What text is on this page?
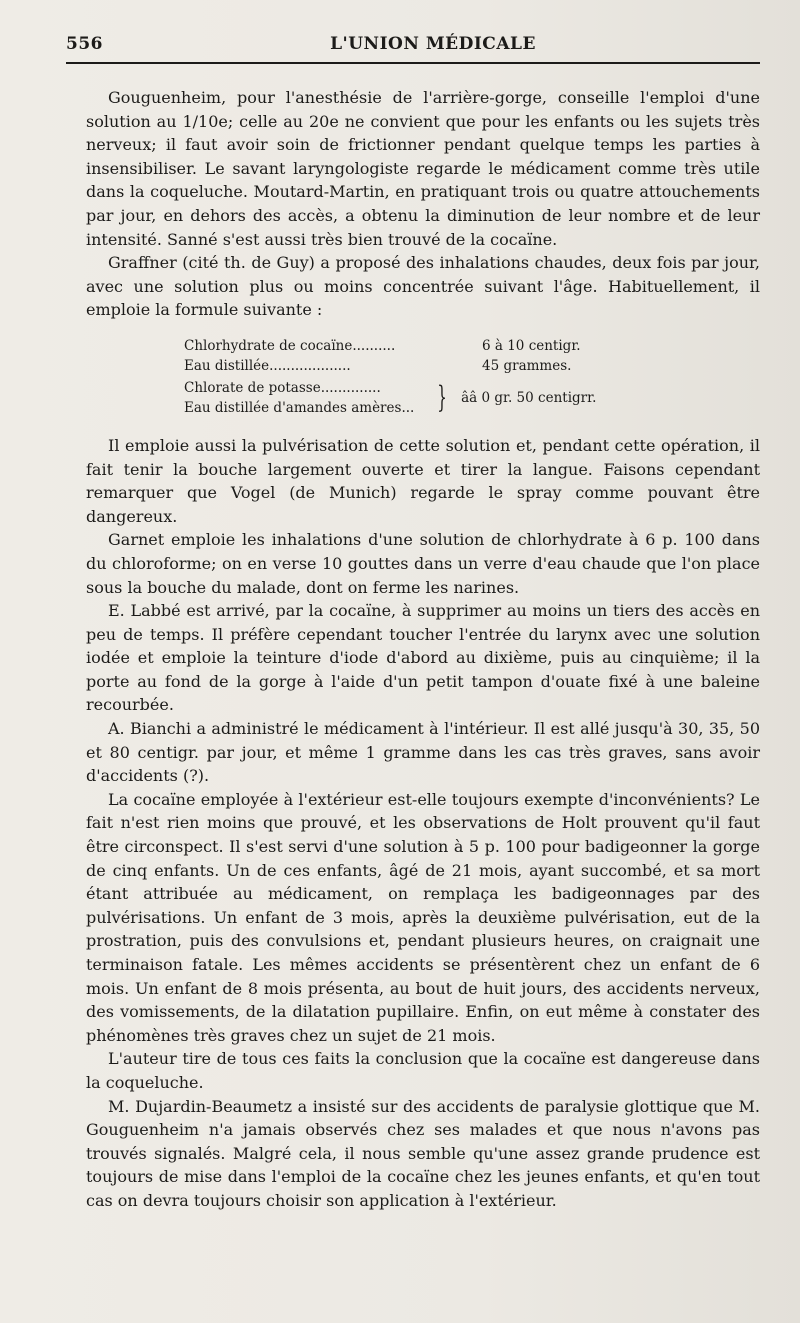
556	L'UNION MÉDICALE

Gouguenheim, pour l'anesthésie de l'arrière-gorge, conseille l'emploi d'une solution au 1/10e; celle au 20e ne convient que pour les enfants ou les sujets très nerveux; il faut avoir soin de frictionner pendant quelque temps les parties à insensibiliser. Le savant laryngologiste regarde le médicament comme très utile dans la coqueluche. Moutard-Martin, en pratiquant trois ou quatre attouchements par jour, en dehors des accès, a obtenu la diminution de leur nombre et de leur intensité. Sanné s'est aussi très bien trouvé de la cocaïne.

Graffner (cité th. de Guy) a proposé des inhalations chaudes, deux fois par jour, avec une solution plus ou moins concentrée suivant l'âge. Habituellement, il emploie la formule suivante :

Chlorhydrate de cocaïne..........	6 à 10 centigr.
Eau distillée...................	45 grammes.
Chlorate de potasse..............
Eau distillée d'amandes amères... } ââ 0 gr. 50 centigrr.

Il emploie aussi la pulvérisation de cette solution et, pendant cette opération, il fait tenir la bouche largement ouverte et tirer la langue. Faisons cependant remarquer que Vogel (de Munich) regarde le spray comme pouvant être dangereux.

Garnet emploie les inhalations d'une solution de chlorhydrate à 6 p. 100 dans du chloroforme; on en verse 10 gouttes dans un verre d'eau chaude que l'on place sous la bouche du malade, dont on ferme les narines.

E. Labbé est arrivé, par la cocaïne, à supprimer au moins un tiers des accès en peu de temps. Il préfère cependant toucher l'entrée du larynx avec une solution iodée et emploie la teinture d'iode d'abord au dixième, puis au cinquième; il la porte au fond de la gorge à l'aide d'un petit tampon d'ouate fixé à une baleine recourbée.

A. Bianchi a administré le médicament à l'intérieur. Il est allé jusqu'à 30, 35, 50 et 80 centigr. par jour, et même 1 gramme dans les cas très graves, sans avoir d'accidents (?).

La cocaïne employée à l'extérieur est-elle toujours exempte d'inconvénients? Le fait n'est rien moins que prouvé, et les observations de Holt prouvent qu'il faut être circonspect. Il s'est servi d'une solution à 5 p. 100 pour badigeonner la gorge de cinq enfants. Un de ces enfants, âgé de 21 mois, ayant succombé, et sa mort étant attribuée au médicament, on remplaça les badigeonnages par des pulvérisations. Un enfant de 3 mois, après la deuxième pulvérisation, eut de la prostration, puis des convulsions et, pendant plusieurs heures, on craignait une terminaison fatale. Les mêmes accidents se présentèrent chez un enfant de 6 mois. Un enfant de 8 mois présenta, au bout de huit jours, des accidents nerveux, des vomissements, de la dilatation pupillaire. Enfin, on eut même à constater des phénomènes très graves chez un sujet de 21 mois.

L'auteur tire de tous ces faits la conclusion que la cocaïne est dangereuse dans la coqueluche.

M. Dujardin-Beaumetz a insisté sur des accidents de paralysie glottique que M. Gouguenheim n'a jamais observés chez ses malades et que nous n'avons pas trouvés signalés. Malgré cela, il nous semble qu'une assez grande prudence est toujours de mise dans l'emploi de la cocaïne chez les jeunes enfants, et qu'en tout cas on devra toujours choisir son application à l'extérieur.
